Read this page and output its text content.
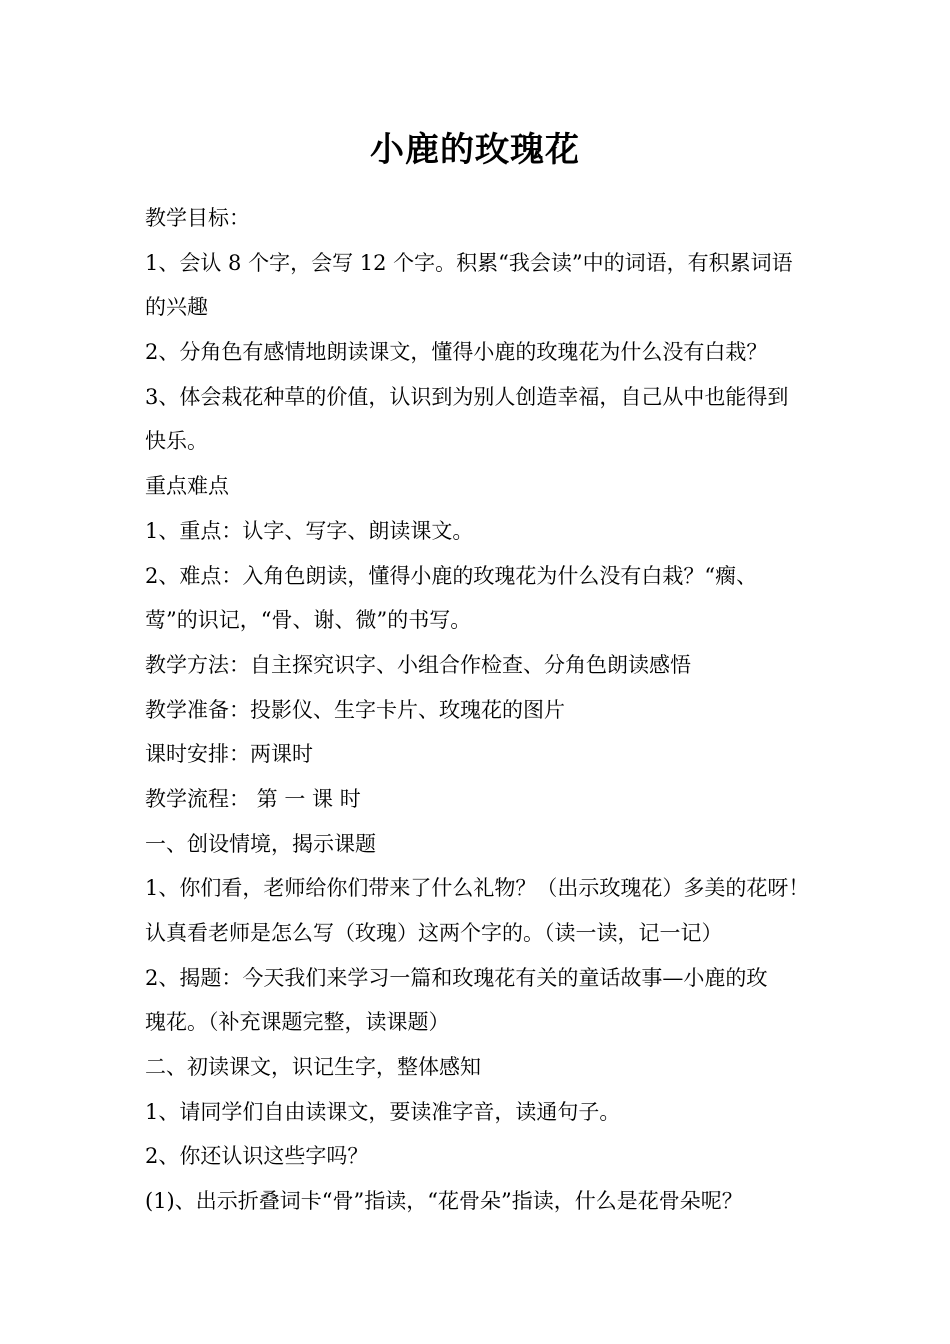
小鹿的玫瑰花
教学目标：
1、会认 8 个字，会写 12 个字。积累“我会读”中的词语，有积累词语
的兴趣
2、分角色有感情地朗读课文，懂得小鹿的玫瑰花为什么没有白栽？
3、体会栽花种草的价值，认识到为别人创造幸福，自己从中也能得到
快乐。
重点难点
1、重点：认字、写字、朗读课文。
2、难点：入角色朗读，懂得小鹿的玫瑰花为什么没有白栽？“瘸、
莺”的识记，“骨、谢、微”的书写。
教学方法：自主探究识字、小组合作检查、分角色朗读感悟
教学准备：投影仪、生字卡片、玫瑰花的图片
课时安排：两课时
教学流程： 第 一 课 时
一、创设情境，揭示课题
1、你们看，老师给你们带来了什么礼物？（出示玫瑰花）多美的花呀！
认真看老师是怎么写（玫瑰）这两个字的。（读一读，记一记）
2、揭题：今天我们来学习一篇和玫瑰花有关的童话故事—小鹿的玫
瑰花。（补充课题完整，读课题）
二、初读课文，识记生字，整体感知
1、请同学们自由读课文，要读准字音，读通句子。
2、你还认识这些字吗？
(1)、出示折叠词卡“骨”指读，“花骨朵”指读，什么是花骨朵呢？
